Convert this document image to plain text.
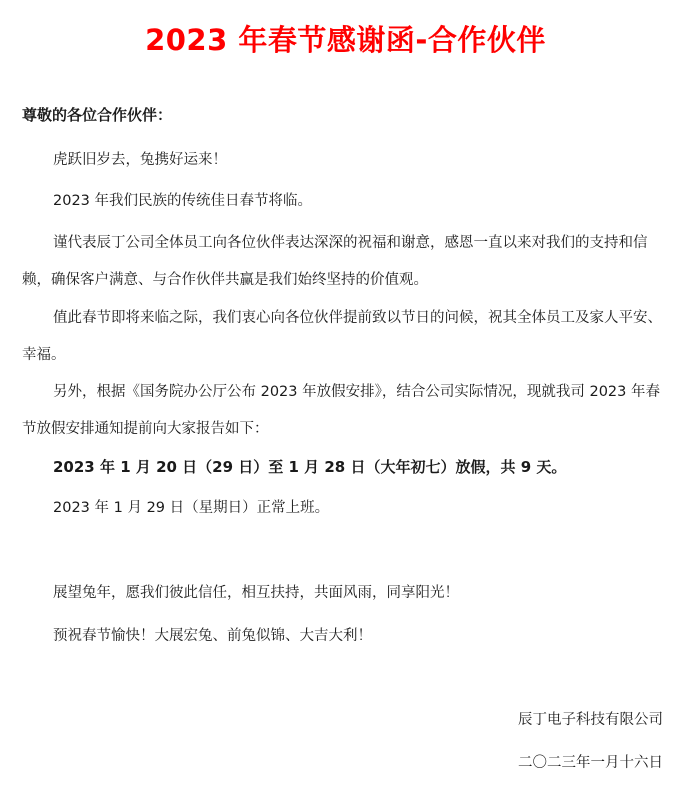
2023 年春节感谢函-合作伙伴

尊敬的各位合作伙伴：

虎跃旧岁去，兔携好运来！

2023 年我们民族的传统佳日春节将临。

谨代表辰丁公司全体员工向各位伙伴表达深深的祝福和谢意，感恩一直以来对我们的支持和信赖，确保客户满意、与合作伙伴共赢是我们始终坚持的价值观。

值此春节即将来临之际，我们衷心向各位伙伴提前致以节日的问候，祝其全体员工及家人平安、幸福。

另外，根据《国务院办公厅公布 2023 年放假安排》，结合公司实际情况，现就我司 2023 年春节放假安排通知提前向大家报告如下：

2023 年 1 月 20 日（29 日）至 1 月 28 日（大年初七）放假，共 9 天。

2023 年 1 月 29 日（星期日）正常上班。

展望兔年，愿我们彼此信任，相互扶持，共面风雨，同享阳光！

预祝春节愉快！大展宏兔、前兔似锦、大吉大利！

辰丁电子科技有限公司

二〇二三年一月十六日
